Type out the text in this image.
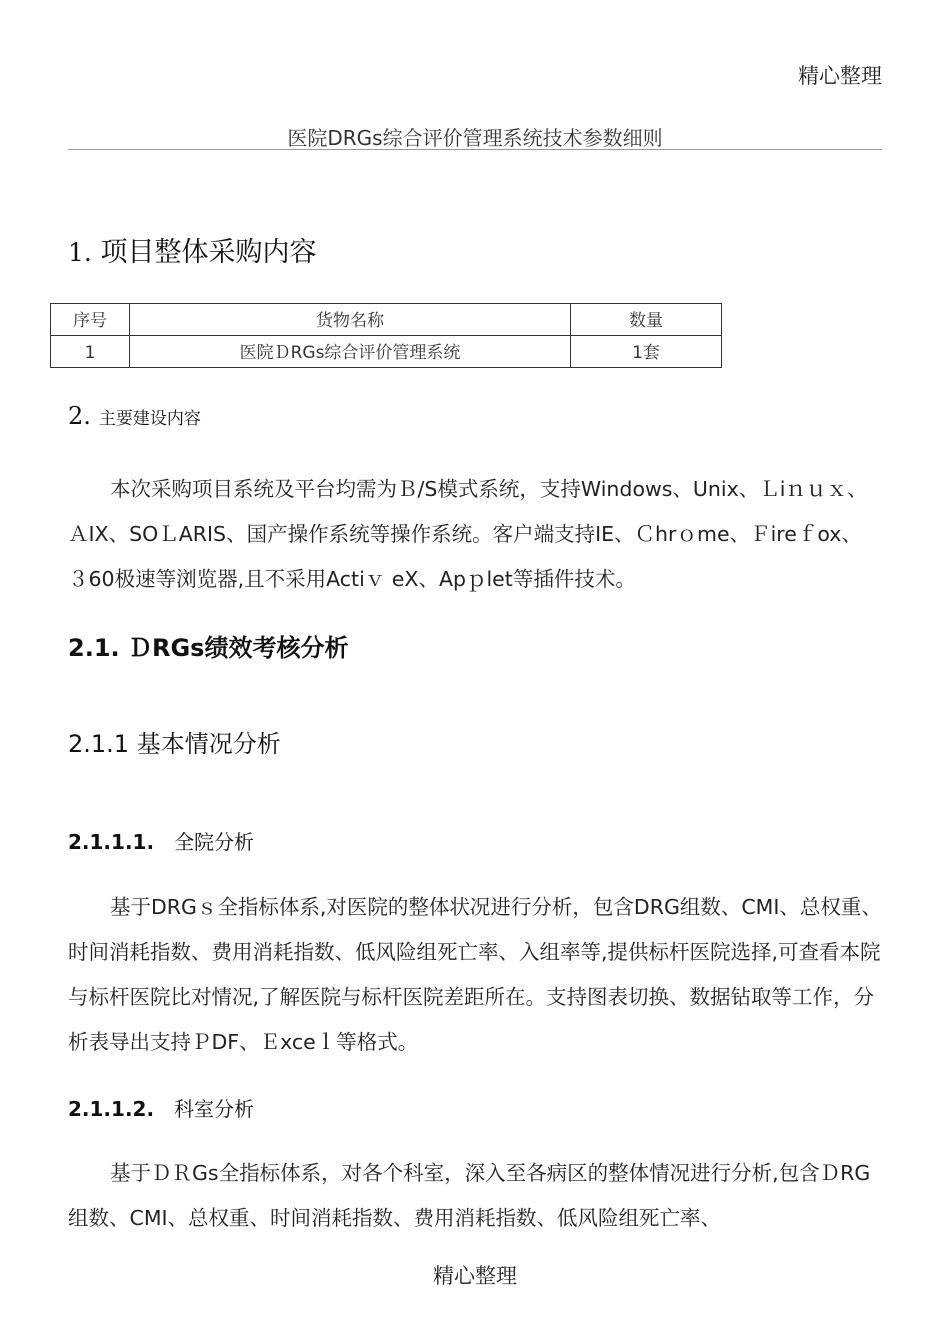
精心整理
医院DRGs综合评价管理系统技术参数细则
1. 项目整体采购内容
序号	货物名称	数量
1	医院ＤRGs综合评价管理系统	1套
2. 主要建设内容

本次采购项目系统及平台均需为Ｂ/S模式系统，支持Windows、Unix、Ｌiｎｕｘ、ＡIX、SOＬARIS、国产操作系统等操作系统。客户端支持IE、Ｃhrｏme、Ｆireｆox、３60极速等浏览器,且不采用Actiｖ eX、Apｐlet等插件技术。

2.1. ＤRGs绩效考核分析
2.1.1 基本情况分析
2.1.1.1. 全院分析

基于DRGｓ全指标体系,对医院的整体状况进行分析，包含DRG组数、CMI、总权重、时间消耗指数、费用消耗指数、低风险组死亡率、入组率等,提供标杆医院选择,可查看本院与标杆医院比对情况,了解医院与标杆医院差距所在。支持图表切换、数据钻取等工作，分析表导出支持ＰDF、Ｅxceｌ等格式。

2.1.1.2. 科室分析

基于ＤＲGs全指标体系，对各个科室，深入至各病区的整体情况进行分析,包含ＤRG组数、CMI、总权重、时间消耗指数、费用消耗指数、低风险组死亡率、

精心整理
